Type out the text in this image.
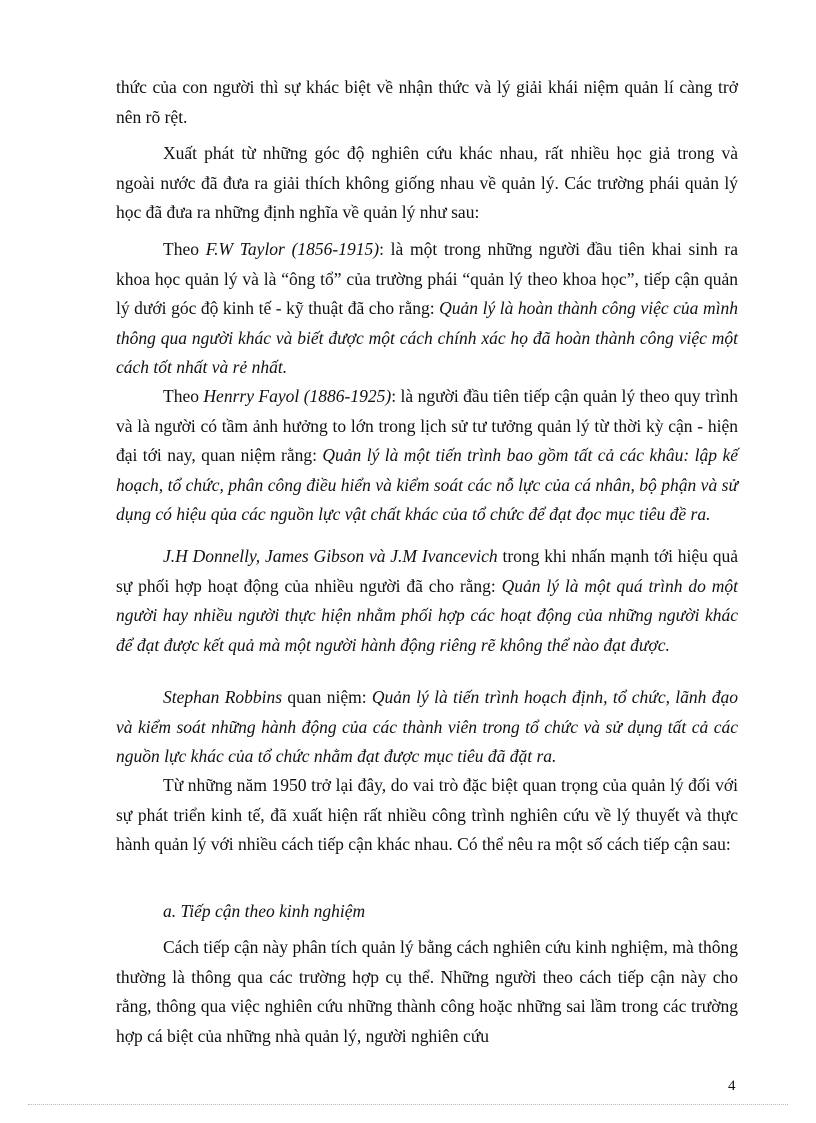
thức của con người thì sự khác biệt về nhận thức và lý giải khái niệm quản lí càng trở nên rõ rệt.

Xuất phát từ những góc độ nghiên cứu khác nhau, rất nhiều học giả trong và ngoài nước đã đưa ra giải thích không giống nhau về quản lý. Các trường phái quản lý học đã đưa ra những định nghĩa về quản lý như sau:

Theo F.W Taylor (1856-1915): là một trong những người đầu tiên khai sinh ra khoa học quản lý và là “ông tổ” của trường phái “quản lý theo khoa học”, tiếp cận quản lý dưới góc độ kinh tế - kỹ thuật đã cho rằng: Quản lý là hoàn thành công việc của mình thông qua người khác và biết được một cách chính xác họ đã hoàn thành công việc một cách tốt nhất và rẻ nhất.

Theo Henrry Fayol (1886-1925): là người đầu tiên tiếp cận quản lý theo quy trình và là người có tầm ảnh hưởng to lớn trong lịch sử tư tưởng quản lý từ thời kỳ cận - hiện đại tới nay, quan niệm rằng: Quản lý là một tiến trình bao gồm tất cả các khâu: lập kế hoạch, tổ chức, phân công điều hiển và kiểm soát các nỗ lực của cá nhân, bộ phận và sử dụng có hiệu qủa các nguồn lực vật chất khác của tổ chức để đạt đọc mục tiêu đề ra.

J.H Donnelly, James Gibson và J.M Ivancevich trong khi nhấn mạnh tới hiệu quả sự phối hợp hoạt động của nhiều người đã cho rằng: Quản lý là một quá trình do một người hay nhiều người thực hiện nhằm phối hợp các hoạt động của những người khác để đạt được kết quả mà một người hành động riêng rẽ không thể nào đạt được.

Stephan Robbins quan niệm: Quản lý là tiến trình hoạch định, tổ chức, lãnh đạo và kiểm soát những hành động của các thành viên trong tổ chức và sử dụng tất cả các nguồn lực khác của tổ chức nhằm đạt được mục tiêu đã đặt ra.

Từ những năm 1950 trở lại đây, do vai trò đặc biệt quan trọng của quản lý đối với sự phát triển kinh tế, đã xuất hiện rất nhiều công trình nghiên cứu về lý thuyết và thực hành quản lý với nhiều cách tiếp cận khác nhau. Có thể nêu ra một số cách tiếp cận sau:

a. Tiếp cận theo kinh nghiệm

Cách tiếp cận này phân tích quản lý bằng cách nghiên cứu kinh nghiệm, mà thông thường là thông qua các trường hợp cụ thể. Những người theo cách tiếp cận này cho rằng, thông qua việc nghiên cứu những thành công hoặc những sai lầm trong các trường hợp cá biệt của những nhà quản lý, người nghiên cứu

4
